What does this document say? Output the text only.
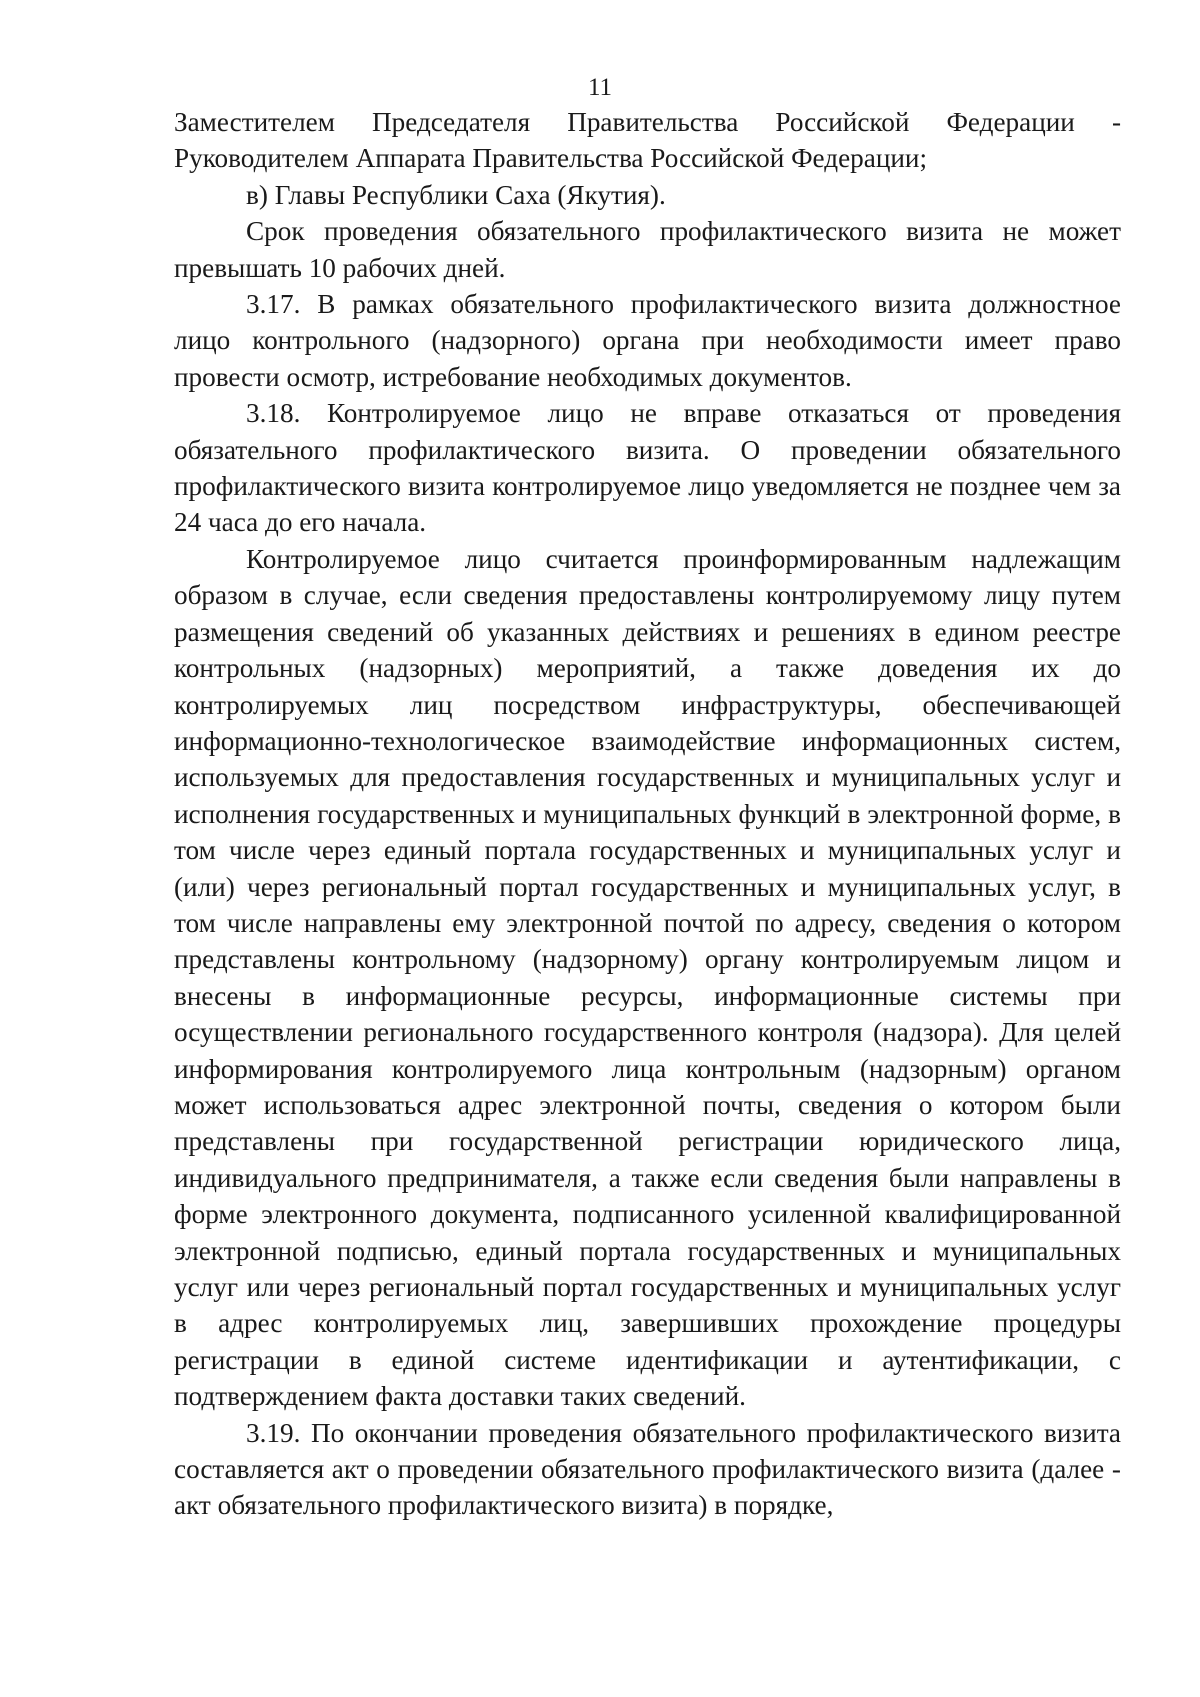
11

Заместителем Председателя Правительства Российской Федерации - Руководителем Аппарата Правительства Российской Федерации;

в) Главы Республики Саха (Якутия).

Срок проведения обязательного профилактического визита не может превышать 10 рабочих дней.

3.17. В рамках обязательного профилактического визита должностное лицо контрольного (надзорного) органа при необходимости имеет право провести осмотр, истребование необходимых документов.

3.18. Контролируемое лицо не вправе отказаться от проведения обязательного профилактического визита. О проведении обязательного профилактического визита контролируемое лицо уведомляется не позднее чем за 24 часа до его начала.

Контролируемое лицо считается проинформированным надлежащим образом в случае, если сведения предоставлены контролируемому лицу путем размещения сведений об указанных действиях и решениях в едином реестре контрольных (надзорных) мероприятий, а также доведения их до контролируемых лиц посредством инфраструктуры, обеспечивающей информационно-технологическое взаимодействие информационных систем, используемых для предоставления государственных и муниципальных услуг и исполнения государственных и муниципальных функций в электронной форме, в том числе через единый портала государственных и муниципальных услуг и (или) через региональный портал государственных и муниципальных услуг, в том числе направлены ему электронной почтой по адресу, сведения о котором представлены контрольному (надзорному) органу контролируемым лицом и внесены в информационные ресурсы, информационные системы при осуществлении регионального государственного контроля (надзора). Для целей информирования контролируемого лица контрольным (надзорным) органом может использоваться адрес электронной почты, сведения о котором были представлены при государственной регистрации юридического лица, индивидуального предпринимателя, а также если сведения были направлены в форме электронного документа, подписанного усиленной квалифицированной электронной подписью, единый портала государственных и муниципальных услуг или через региональный портал государственных и муниципальных услуг в адрес контролируемых лиц, завершивших прохождение процедуры регистрации в единой системе идентификации и аутентификации, с подтверждением факта доставки таких сведений.

3.19. По окончании проведения обязательного профилактического визита составляется акт о проведении обязательного профилактического визита (далее - акт обязательного профилактического визита) в порядке,
